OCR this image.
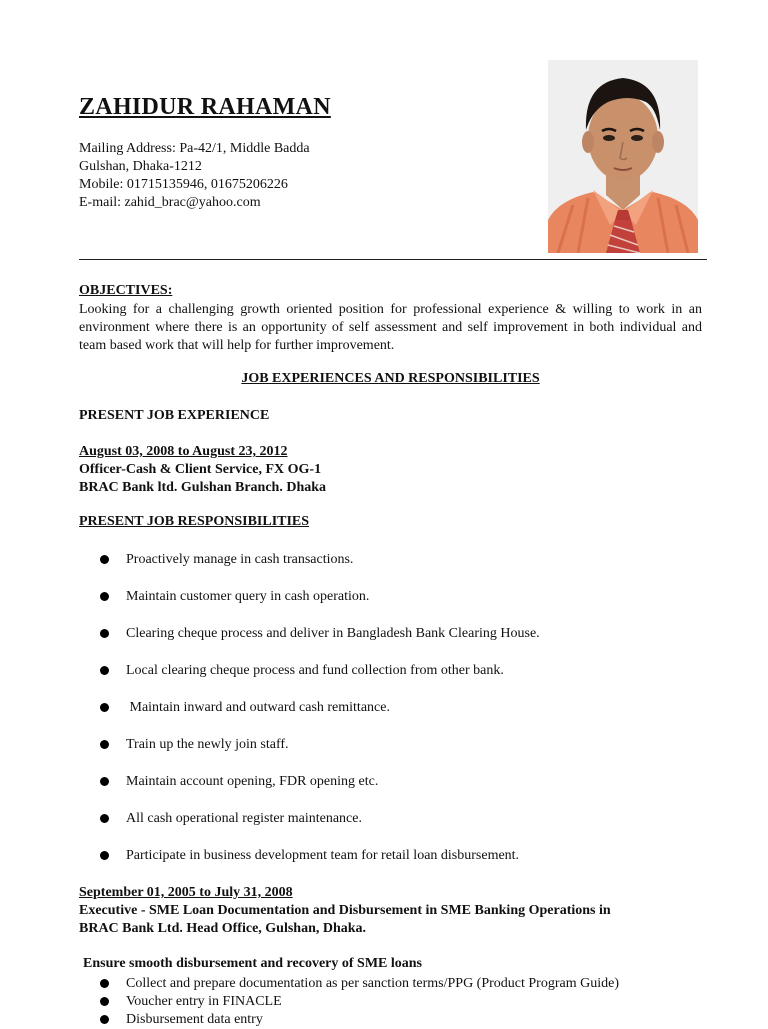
ZAHIDUR RAHAMAN
Mailing Address: Pa-42/1, Middle Badda
Gulshan, Dhaka-1212
Mobile: 01715135946, 01675206226
E-mail: zahid_brac@yahoo.com
OBJECTIVES:
Looking for a challenging growth oriented position for professional experience & willing to work in an environment where there is an opportunity of self assessment and self improvement in both individual and team based work that will help for further improvement.
JOB EXPERIENCES AND RESPONSIBILITIES
PRESENT JOB EXPERIENCE
August 03, 2008 to August 23, 2012
Officer-Cash & Client Service, FX OG-1
BRAC Bank ltd. Gulshan Branch. Dhaka
PRESENT JOB RESPONSIBILITIES
Proactively manage in cash transactions.
Maintain customer query in cash operation.
Clearing cheque process and deliver in Bangladesh Bank Clearing House.
Local clearing cheque process and fund collection from other bank.
Maintain inward and outward cash remittance.
Train up the newly join staff.
Maintain account opening, FDR opening etc.
All cash operational register maintenance.
Participate in business development team for retail loan disbursement.
September 01, 2005 to July 31, 2008
Executive - SME Loan Documentation and Disbursement in SME Banking Operations in
BRAC Bank Ltd. Head Office, Gulshan, Dhaka.
Ensure smooth disbursement and recovery of SME loans
Collect and prepare documentation as per sanction terms/PPG (Product Program Guide)
Voucher entry in FINACLE
Disbursement data entry
